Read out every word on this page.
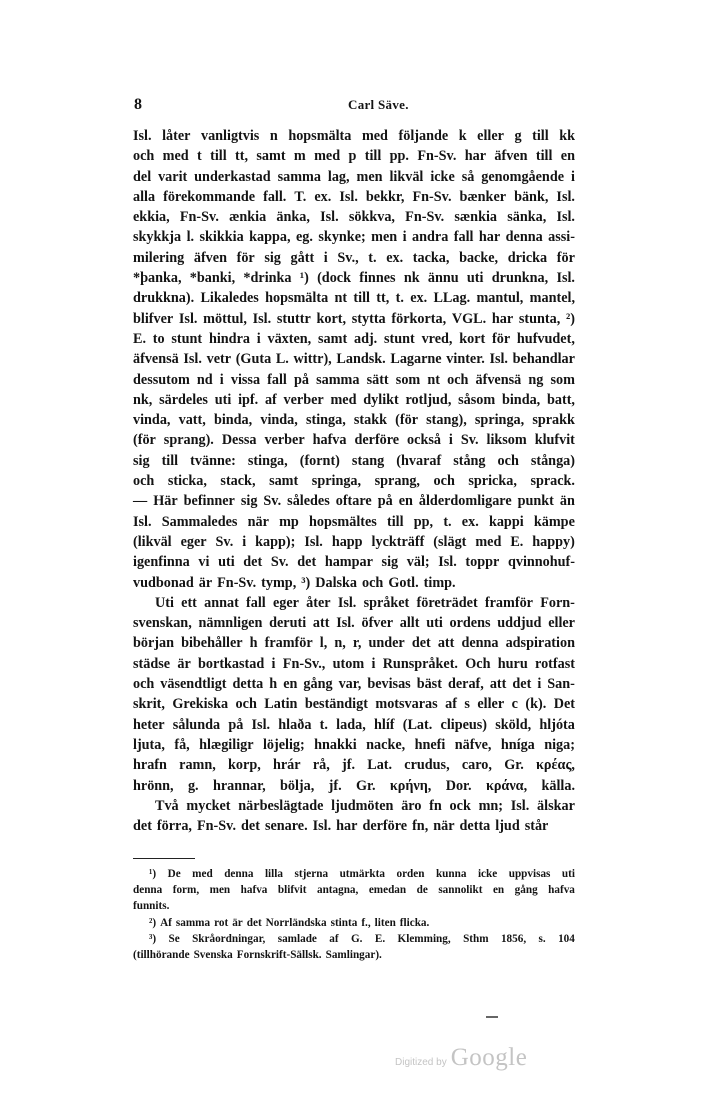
8	Carl Säve.
Isl. låter vanligtvis n hopsmälta med följande k eller g till kk
och med t till tt, samt m med p till pp. Fn-Sv. har äfven till en
del varit underkastad samma lag, men likväl icke så genomgående i
alla förekommande fall. T. ex. Isl. bekkr, Fn-Sv. bænker bänk, Isl.
ekkia, Fn-Sv. ænkia änka, Isl. sökkva, Fn-Sv. sænkia sänka, Isl.
skykkja l. skikkia kappa, eg. skynke; men i andra fall har denna assi-
milering äfven för sig gått i Sv., t. ex. tacka, backe, dricka för
*þanka, *banki, *drinka ¹) (dock finnes nk ännu uti drunkna, Isl.
drukkna). Likaledes hopsmälta nt till tt, t. ex. LLag. mantul, mantel,
blifver Isl. möttul, Isl. stuttr kort, stytta förkorta, VGL. har stunta, ²)
E. to stunt hindra i växten, samt adj. stunt vred, kort för hufvudet,
äfvensä Isl. vetr (Guta L. wittr), Landsk. Lagarne vinter. Isl. behandlar
dessutom nd i vissa fall på samma sätt som nt och äfvensä ng som
nk, särdeles uti ipf. af verber med dylikt rotljud, såsom binda, batt,
vinda, vatt, binda, vinda, stinga, stakk (för stang), springa, sprakk
(för sprang). Dessa verber hafva derföre också i Sv. liksom klufvit
sig till tvänne: stinga, (fornt) stang (hvaraf stång och stånga)
och sticka, stack, samt springa, sprang, och spricka, sprack.
— Här befinner sig Sv. således oftare på en ålderdomligare punkt än
Isl. Sammaledes när mp hopsmältes till pp, t. ex. kappi kämpe
(likväl eger Sv. i kapp); Isl. happ lyckträff (slägt med E. happy)
igenfinna vi uti det Sv. det hampar sig väl; Isl. toppr qvinnohuf-
vudbonad är Fn-Sv. tymp, ³) Dalska och Gotl. timp.
Uti ett annat fall eger åter Isl. språket företrädet framför Forn-
svenskan, nämnligen deruti att Isl. öfver allt uti ordens uddjud eller
början bibehåller h framför l, n, r, under det att denna adspiration
städse är bortkastad i Fn-Sv., utom i Runspråket. Och huru rotfast
och väsendtligt detta h en gång var, bevisas bäst deraf, att det i San-
skrit, Grekiska och Latin beständigt motsvaras af s eller c (k). Det
heter sålunda på Isl. hlaða t. lada, hlíf (Lat. clipeus) sköld, hljóta
ljuta, få, hlægiligr löjelig; hnakki nacke, hnefi näfve, hníga niga;
hrafn ramn, korp, hrár rå, jf. Lat. crudus, caro, Gr. κρέας,
hrönn, g. hrannar, bölja, jf. Gr. κρήνη, Dor. κράνα, källa.
Två mycket närbeslägtade ljudmöten äro fn ock mn; Isl. älskar
det förra, Fn-Sv. det senare. Isl. har derföre fn, när detta ljud står
¹) De med denna lilla stjerna utmärkta orden kunna icke uppvisas uti
denna form, men hafva blifvit antagna, emedan de sannolikt en gång hafva
funnits.
²) Af samma rot är det Norrländska stinta f., liten flicka.
³) Se Skråordningar, samlade af G. E. Klemming, Sthm 1856, s. 104
(tillhörande Svenska Fornskrift-Sällsk. Samlingar).
Digitized by Google
